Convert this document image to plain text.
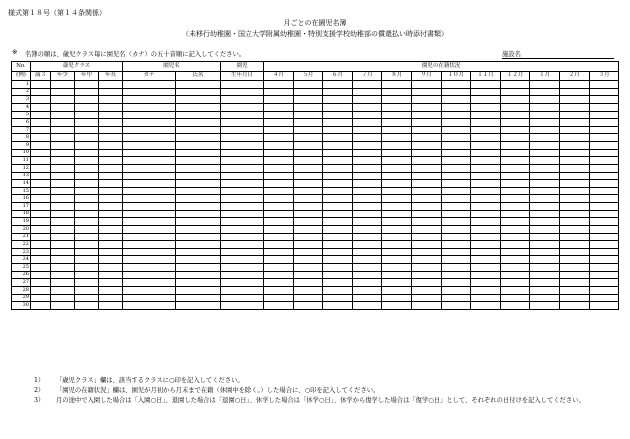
様式第１８号（第１４条関係）
月ごとの在園児名簿
（未移行幼稚園・国立大学附属幼稚園・特別支援学校幼稚部の償還払い時添付書類）
※ 名簿の順は、歳児クラス毎に園児名（カナ）の五十音順に記入してください。	施設名
No.	歳児クラス				園児名		園児	園児の在籍状況											
(例)	満３	年少	年中	年長	カナ	氏名	生年月日	４月	５月	６月	７月	８月	９月	１０月	１１月	１２月	１月	２月	３月
1																			
2																			
3																			
4																			
5																			
6																			
7																			
8																			
9																			
10																			
11																			
12																			
13																			
14																			
15																			
16																			
17																			
18																			
19																			
20																			
21																			
22																			
23																			
24																			
25																			
26																			
27																			
28																			
29																			
30																			
1）	「歳児クラス」欄は、該当するクラスに○印を記入してください。
2）	「園児の在籍状況」欄は、園児が月初から月末まで在籍（休園中を除く。）した場合に、○印を記入してください。
3）	月の途中で入園した場合は「入園○日」、退園した場合は「退園○日」、休学した場合は「休学○日」、休学から復学した場合は「復学○日」として、それぞれの日付けを記入してください。
